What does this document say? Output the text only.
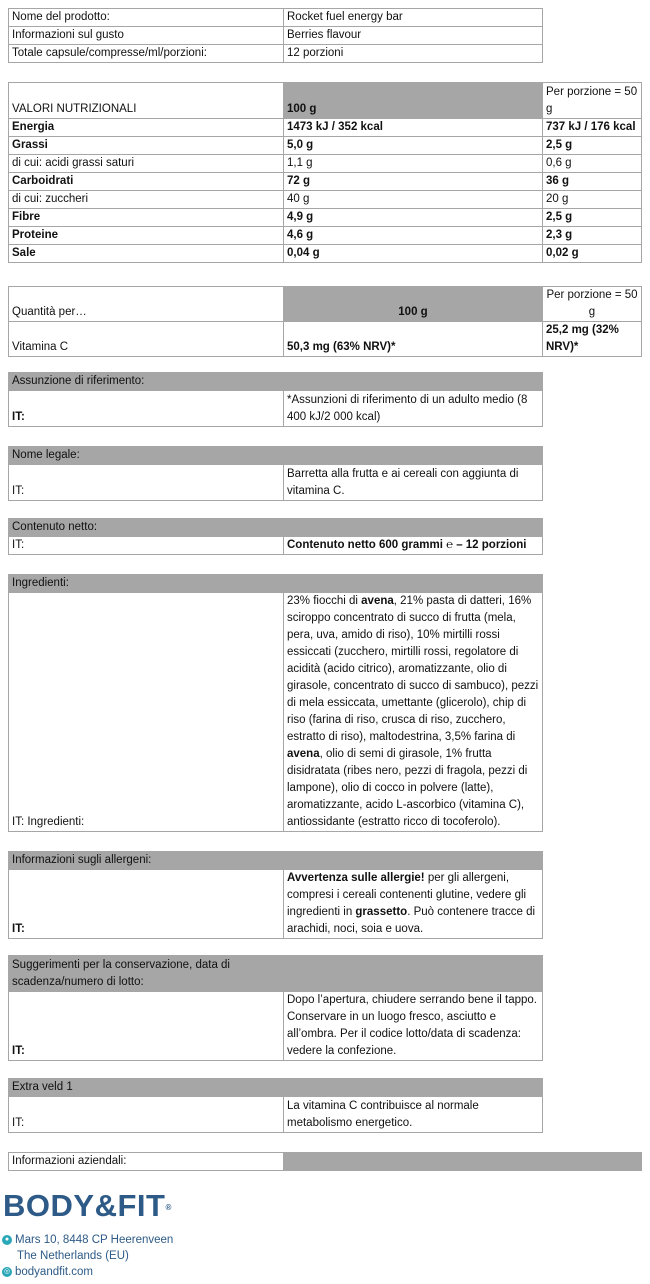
Nome del prodotto:	Rocket fuel energy bar
Informazioni sul gusto	Berries flavour
Totale capsule/compresse/ml/porzioni:	12 porzioni
VALORI NUTRIZIONALI	100 g	Per porzione = 50 g
Energia	1473 kJ / 352 kcal	737 kJ / 176 kcal
Grassi	5,0 g	2,5 g
di cui: acidi grassi saturi	1,1 g	0,6 g
Carboidrati	72 g	36 g
di cui: zuccheri	40 g	20 g
Fibre	4,9 g	2,5 g
Proteine	4,6 g	2,3 g
Sale	0,04 g	0,02 g
Quantità per…	100 g	Per porzione = 50 g
Vitamina C	50,3 mg (63% NRV)*	25,2 mg (32% NRV)*
Assunzione di riferimento:
IT:	*Assunzioni di riferimento di un adulto medio (8 400 kJ/2 000 kcal)
Nome legale:
IT:	Barretta alla frutta e ai cereali con aggiunta di vitamina C.
Contenuto netto:
IT:	Contenuto netto 600 grammi ℮ – 12 porzioni
Ingredienti:
IT: Ingredienti:	23% fiocchi di avena, 21% pasta di datteri, 16% sciroppo concentrato di succo di frutta (mela, pera, uva, amido di riso), 10% mirtilli rossi essiccati (zucchero, mirtilli rossi, regolatore di acidità (acido citrico), aromatizzante, olio di girasole, concentrato di succo di sambuco), pezzi di mela essiccata, umettante (glicerolo), chip di riso (farina di riso, crusca di riso, zucchero, estratto di riso), maltodestrina, 3,5% farina di avena, olio di semi di girasole, 1% frutta disidratata (ribes nero, pezzi di fragola, pezzi di lampone), olio di cocco in polvere (latte), aromatizzante, acido L-ascorbico (vitamina C), antiossidante (estratto ricco di tocoferolo).
Informazioni sugli allergeni:
IT:	Avvertenza sulle allergie! per gli allergeni, compresi i cereali contenenti glutine, vedere gli ingredienti in grassetto. Può contenere tracce di arachidi, noci, soia e uova.
Suggerimenti per la conservazione, data di scadenza/numero di lotto:
IT:	Dopo l’apertura, chiudere serrando bene il tappo. Conservare in un luogo fresco, asciutto e all’ombra. Per il codice lotto/data di scadenza: vedere la confezione.
Extra veld 1
IT:	La vitamina C contribuisce al normale metabolismo energetico.
Informazioni aziendali:	
BODY&FIT®
● Mars 10, 8448 CP Heerenveen
The Netherlands (EU)
◎ bodyandfit.com
